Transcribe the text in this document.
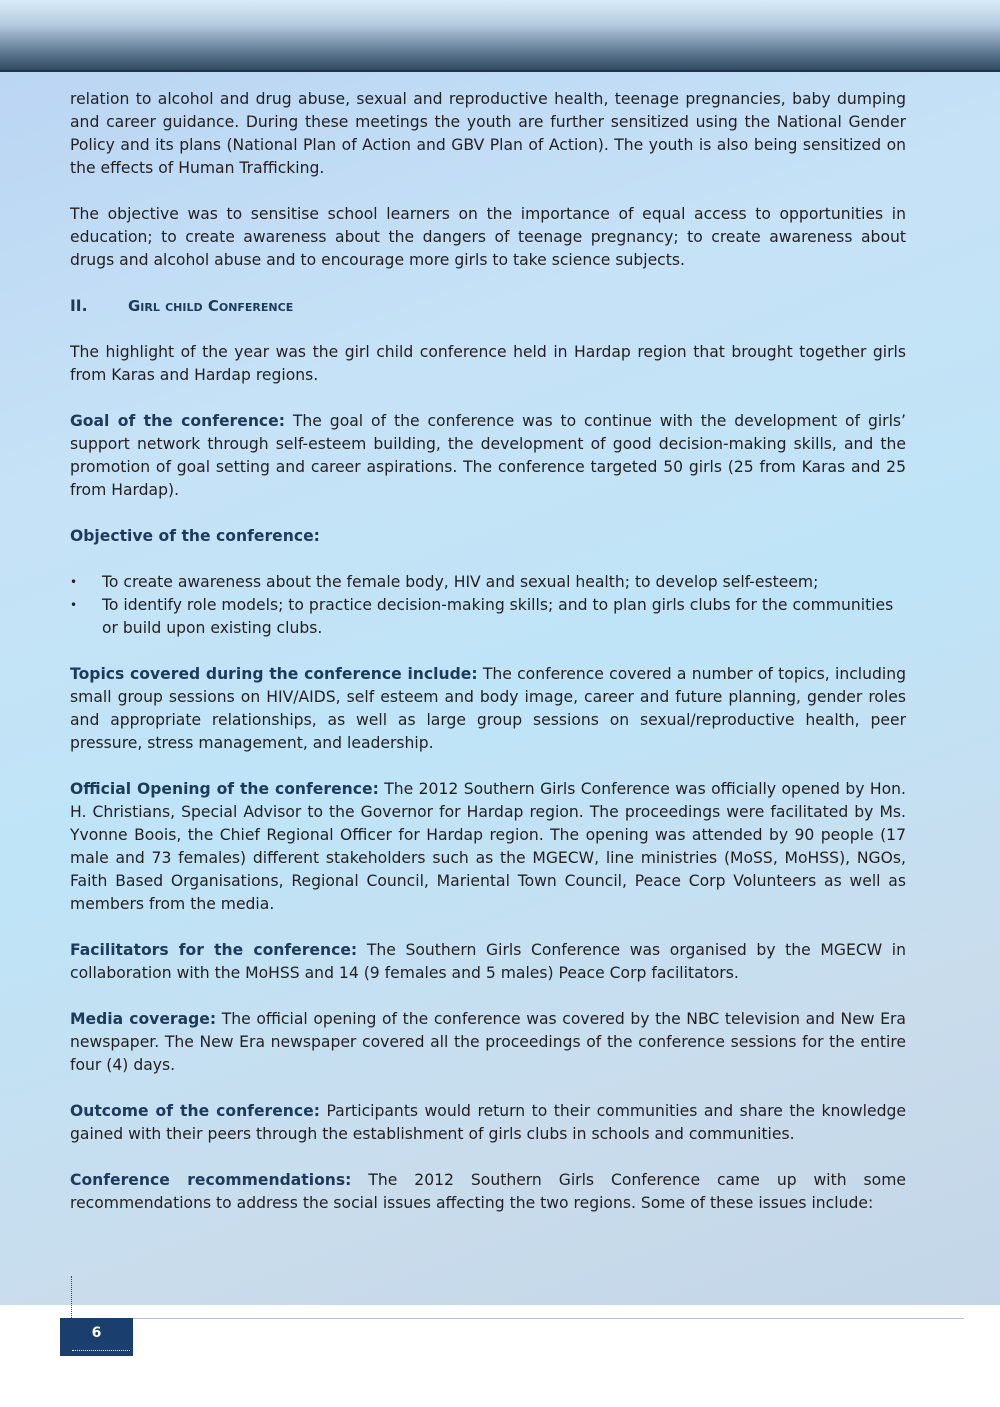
relation to alcohol and drug abuse, sexual and reproductive health, teenage pregnancies, baby dumping and career guidance. During these meetings the youth are further sensitized using the National Gender Policy and its plans (National Plan of Action and GBV Plan of Action). The youth is also being sensitized on the effects of Human Trafficking.

The objective was to sensitise school learners on the importance of equal access to opportunities in education; to create awareness about the dangers of teenage pregnancy; to create awareness about drugs and alcohol abuse and to encourage more girls to take science subjects.

II.	Girl child Conference

The highlight of the year was the girl child conference held in Hardap region that brought together girls from Karas and Hardap regions.

Goal of the conference: The goal of the conference was to continue with the development of girls’ support network through self-esteem building, the development of good decision-making skills, and the promotion of goal setting and career aspirations. The conference targeted 50 girls (25 from Karas and 25 from Hardap).

Objective of the conference:

• To create awareness about the female body, HIV and sexual health; to develop self-esteem;
• To identify role models; to practice decision-making skills; and to plan girls clubs for the communities or build upon existing clubs.

Topics covered during the conference include: The conference covered a number of topics, including small group sessions on HIV/AIDS, self esteem and body image, career and future planning, gender roles and appropriate relationships, as well as large group sessions on sexual/reproductive health, peer pressure, stress management, and leadership.

Official Opening of the conference: The 2012 Southern Girls Conference was officially opened by Hon. H. Christians, Special Advisor to the Governor for Hardap region. The proceedings were facilitated by Ms. Yvonne Boois, the Chief Regional Officer for Hardap region. The opening was attended by 90 people (17 male and 73 females) different stakeholders such as the MGECW, line ministries (MoSS, MoHSS), NGOs, Faith Based Organisations, Regional Council, Mariental Town Council, Peace Corp Volunteers as well as members from the media.

Facilitators for the conference: The Southern Girls Conference was organised by the MGECW in collaboration with the MoHSS and 14 (9 females and 5 males) Peace Corp facilitators.

Media coverage: The official opening of the conference was covered by the NBC television and New Era newspaper. The New Era newspaper covered all the proceedings of the conference sessions for the entire four (4) days.

Outcome of the conference: Participants would return to their communities and share the knowledge gained with their peers through the establishment of girls clubs in schools and communities.

Conference recommendations: The 2012 Southern Girls Conference came up with some recommendations to address the social issues affecting the two regions. Some of these issues include:

6
